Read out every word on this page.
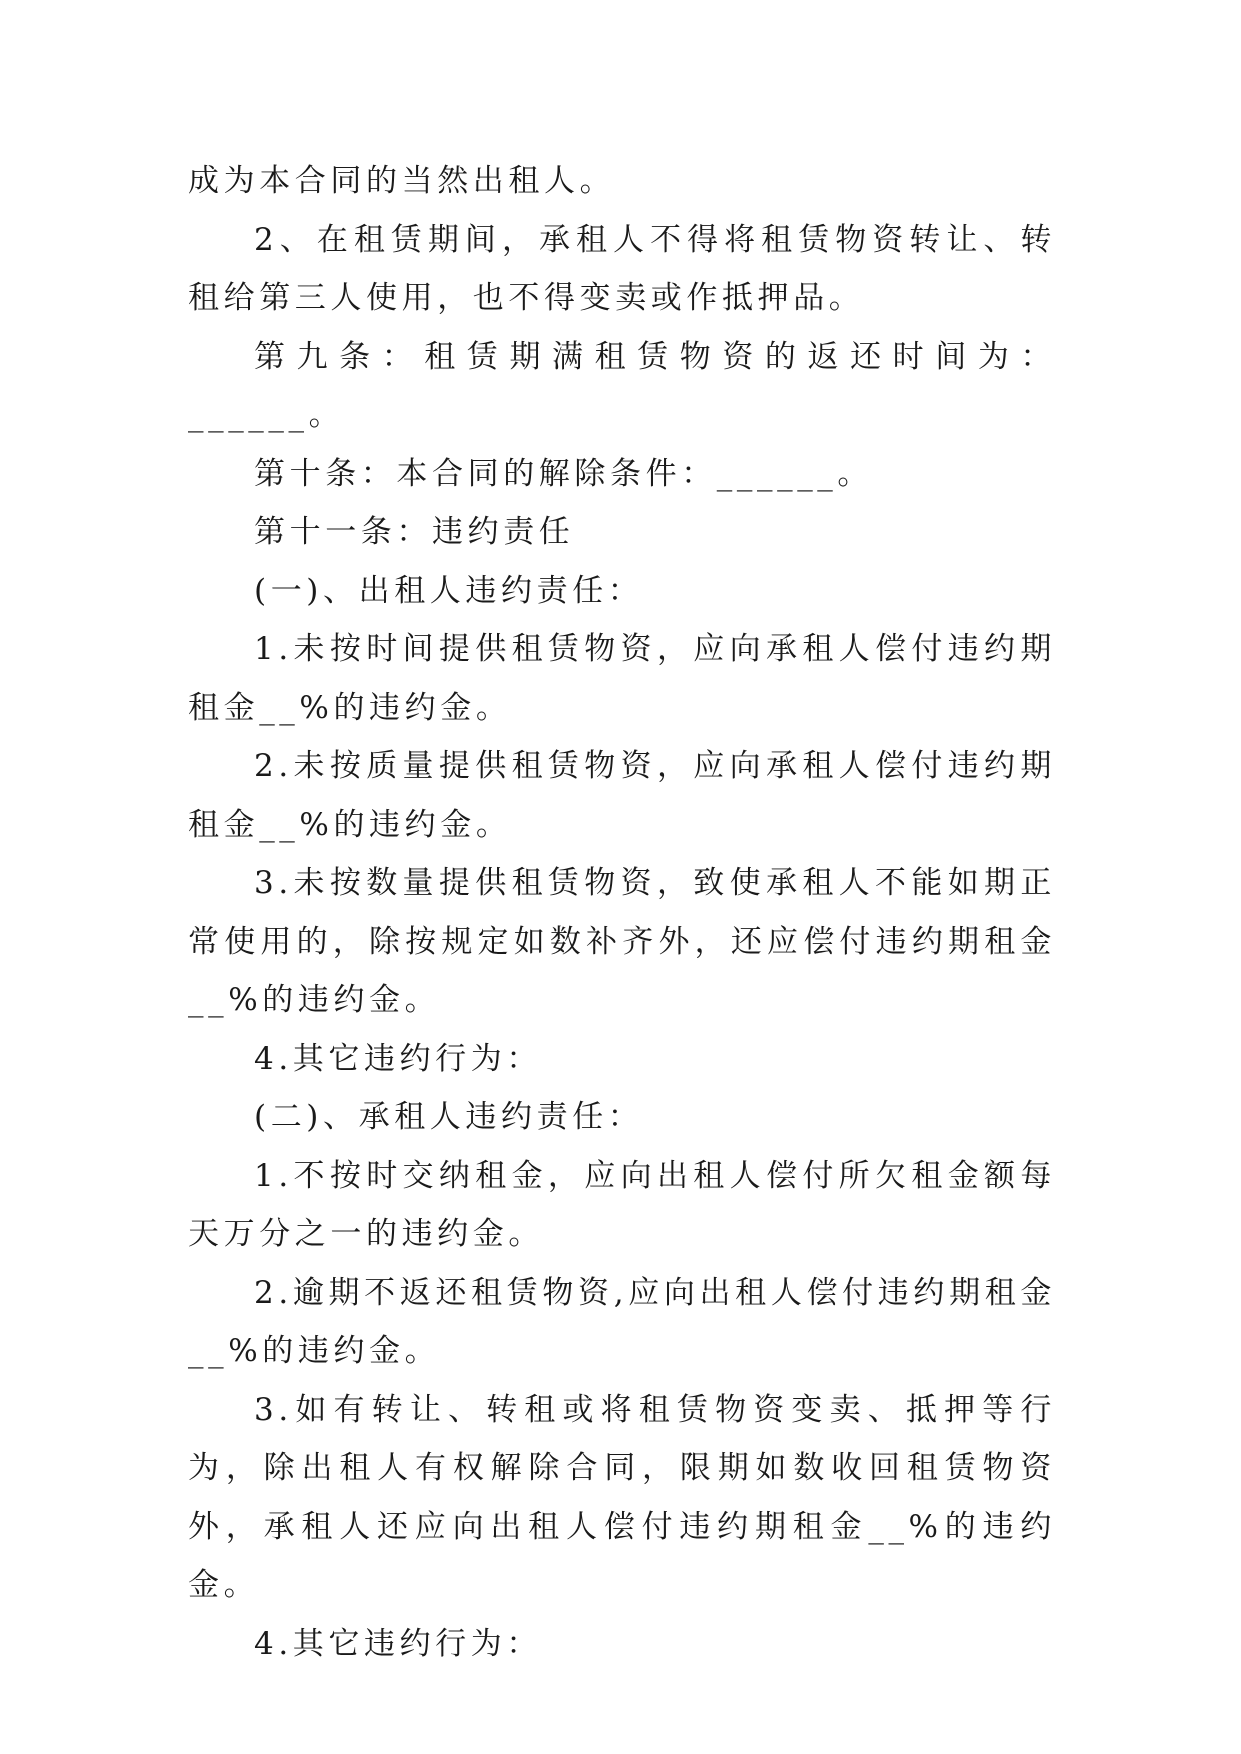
成为本合同的当然出租人。

2、在租赁期间，承租人不得将租赁物资转让、转租给第三人使用，也不得变卖或作抵押品。

第九条：租赁期满租赁物资的返还时间为：______。

第十条：本合同的解除条件：______。

第十一条：违约责任

(一)、出租人违约责任：

1.未按时间提供租赁物资，应向承租人偿付违约期租金__%的违约金。

2.未按质量提供租赁物资，应向承租人偿付违约期租金__%的违约金。

3.未按数量提供租赁物资，致使承租人不能如期正常使用的，除按规定如数补齐外，还应偿付违约期租金__%的违约金。

4.其它违约行为：

(二)、承租人违约责任：

1.不按时交纳租金，应向出租人偿付所欠租金额每天万分之一的违约金。

2.逾期不返还租赁物资,应向出租人偿付违约期租金__%的违约金。

3.如有转让、转租或将租赁物资变卖、抵押等行为，除出租人有权解除合同，限期如数收回租赁物资外，承租人还应向出租人偿付违约期租金__%的违约金。

4.其它违约行为：
